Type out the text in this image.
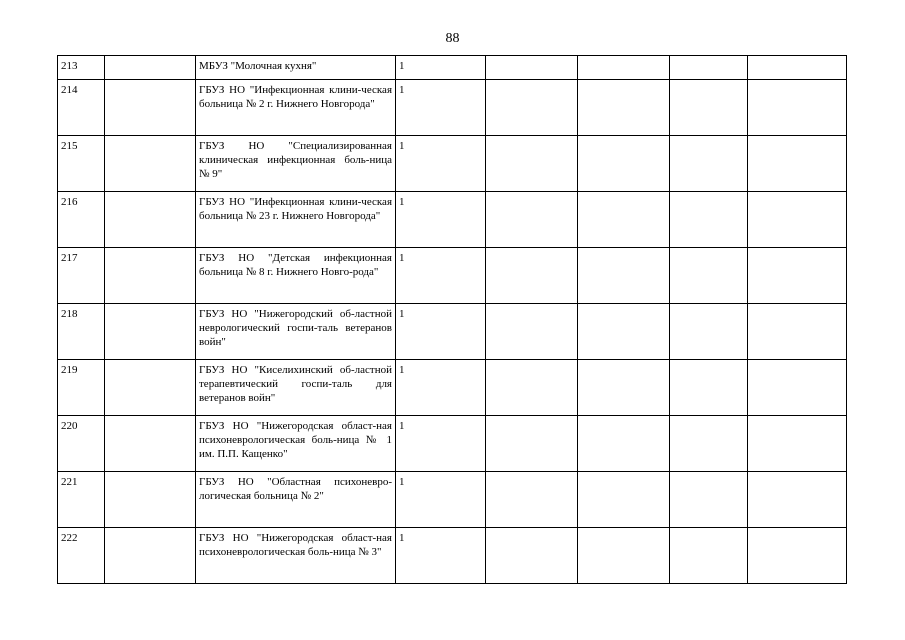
88
213		МБУЗ "Молочная кухня"	1				
214		ГБУЗ НО "Инфекционная клини-ческая больница № 2 г. Нижнего Новгорода"	1				
215		ГБУЗ НО "Специализированная клиническая инфекционная боль-ница № 9"	1				
216		ГБУЗ НО "Инфекционная клини-ческая больница № 23 г. Нижнего Новгорода"	1				
217		ГБУЗ НО "Детская инфекционная больница № 8 г. Нижнего Новго-рода"	1				
218		ГБУЗ НО "Нижегородский об-ластной неврологический госпи-таль ветеранов войн"	1				
219		ГБУЗ НО "Киселихинский об-ластной терапевтический госпи-таль для ветеранов войн"	1				
220		ГБУЗ НО "Нижегородская област-ная психоневрологическая боль-ница № 1 им. П.П. Кащенко"	1				
221		ГБУЗ НО "Областная психоневро-логическая больница № 2"	1				
222		ГБУЗ НО "Нижегородская област-ная психоневрологическая боль-ница № 3"	1				
